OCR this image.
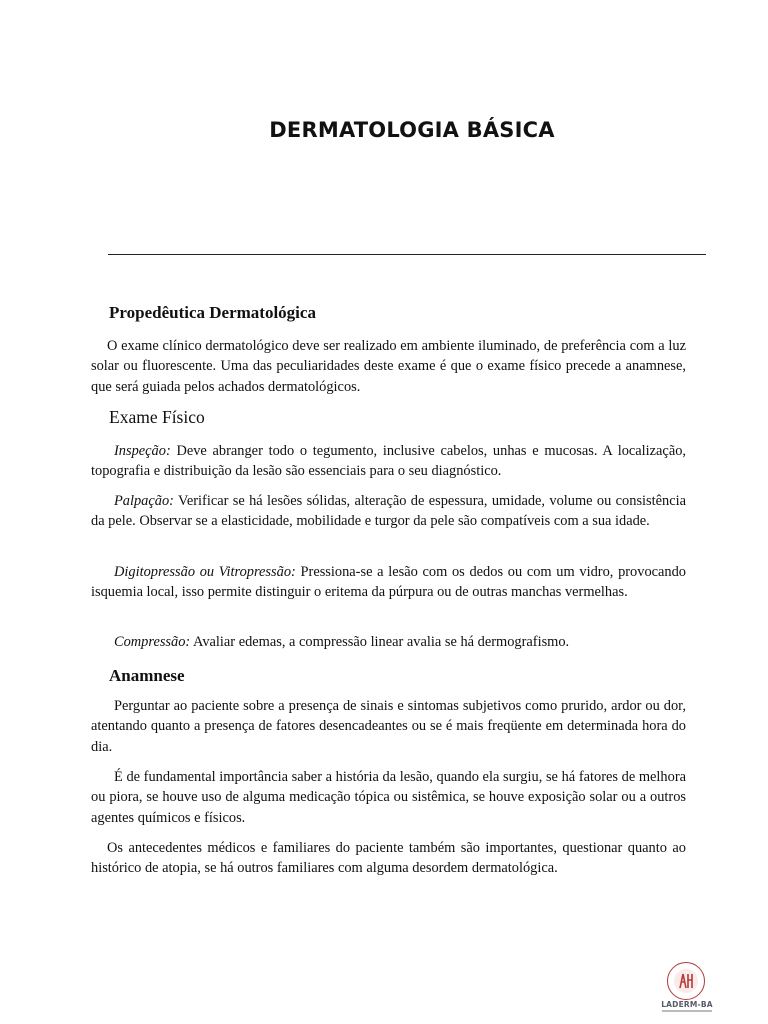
DERMATOLOGIA BÁSICA
Propedêutica Dermatológica

O exame clínico dermatológico deve ser realizado em ambiente iluminado, de preferência com a luz solar ou fluorescente. Uma das peculiaridades deste exame é que o exame físico precede a anamnese, que será guiada pelos achados dermatológicos.

Exame Físico

Inspeção: Deve abranger todo o tegumento, inclusive cabelos, unhas e mucosas. A localização, topografia e distribuição da lesão são essenciais para o seu diagnóstico.

Palpação: Verificar se há lesões sólidas, alteração de espessura, umidade, volume ou consistência da pele. Observar se a elasticidade, mobilidade e turgor da pele são compatíveis com a sua idade.

Digitopressão ou Vitropressão: Pressiona-se a lesão com os dedos ou com um vidro, provocando isquemia local, isso permite distinguir o eritema da púrpura ou de outras manchas vermelhas.

Compressão: Avaliar edemas, a compressão linear avalia se há dermografismo.

Anamnese

Perguntar ao paciente sobre a presença de sinais e sintomas subjetivos como prurido, ardor ou dor, atentando quanto a presença de fatores desencadeantes ou se é mais freqüente em determinada hora do dia.

É de fundamental importância saber a história da lesão, quando ela surgiu, se há fatores de melhora ou piora, se houve uso de alguma medicação tópica ou sistêmica, se houve exposição solar ou a outros agentes químicos e físicos.

Os antecedentes médicos e familiares do paciente também são importantes, questionar quanto ao histórico de atopia, se há outros familiares com alguma desordem dermatológica.

LADERM-BA
